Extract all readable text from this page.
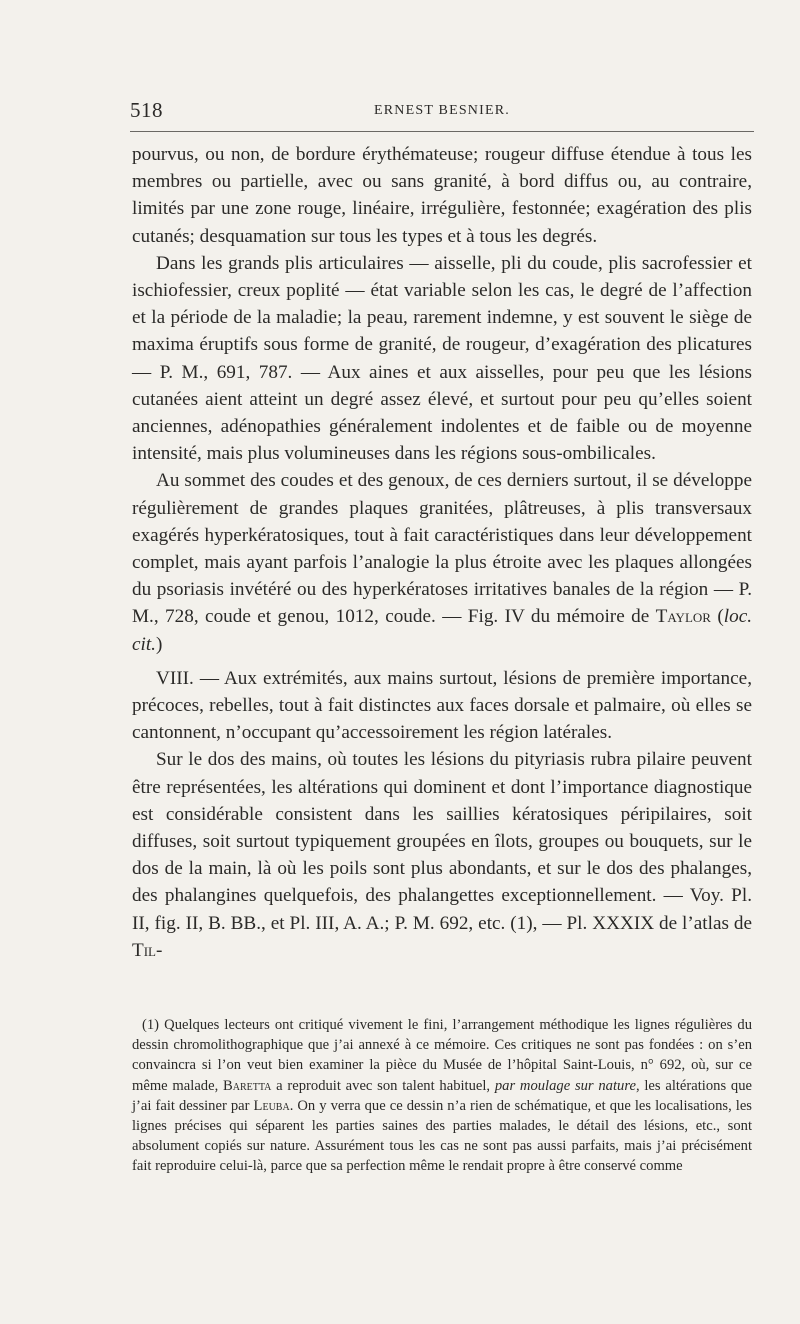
518	ERNEST BESNIER.

pourvus, ou non, de bordure érythémateuse; rougeur diffuse étendue à tous les membres ou partielle, avec ou sans granité, à bord diffus ou, au contraire, limités par une zone rouge, linéaire, irrégulière, festonnée; exagération des plis cutanés; desquamation sur tous les types et à tous les degrés.

Dans les grands plis articulaires — aisselle, pli du coude, plis sacrofessier et ischiofessier, creux poplité — état variable selon les cas, le degré de l’affection et la période de la maladie; la peau, rarement indemne, y est souvent le siège de maxima éruptifs sous forme de granité, de rougeur, d’exagération des plicatures — P. M., 691, 787. — Aux aines et aux aisselles, pour peu que les lésions cutanées aient atteint un degré assez élevé, et surtout pour peu qu’elles soient anciennes, adénopathies généralement indolentes et de faible ou de moyenne intensité, mais plus volumineuses dans les régions sous-ombilicales.

Au sommet des coudes et des genoux, de ces derniers surtout, il se développe régulièrement de grandes plaques granitées, plâtreuses, à plis transversaux exagérés hyperkératosiques, tout à fait caractéristiques dans leur développement complet, mais ayant parfois l’analogie la plus étroite avec les plaques allongées du psoriasis invétéré ou des hyperkératoses irritatives banales de la région — P. M., 728, coude et genou, 1012, coude. — Fig. IV du mémoire de Taylor (loc. cit.)

VIII. — Aux extrémités, aux mains surtout, lésions de première importance, précoces, rebelles, tout à fait distinctes aux faces dorsale et palmaire, où elles se cantonnent, n’occupant qu’accessoirement les région latérales.

Sur le dos des mains, où toutes les lésions du pityriasis rubra pilaire peuvent être représentées, les altérations qui dominent et dont l’importance diagnostique est considérable consistent dans les saillies kératosiques péripilaires, soit diffuses, soit surtout typiquement groupées en îlots, groupes ou bouquets, sur le dos de la main, là où les poils sont plus abondants, et sur le dos des phalanges, des phalangines quelquefois, des phalangettes exceptionnellement. — Voy. Pl. II, fig. II, B. BB., et Pl. III, A. A.; P. M. 692, etc. (1), — Pl. XXXIX de l’atlas de Til-

(1) Quelques lecteurs ont critiqué vivement le fini, l’arrangement méthodique les lignes régulières du dessin chromolithographique que j’ai annexé à ce mémoire. Ces critiques ne sont pas fondées : on s’en convaincra si l’on veut bien examiner la pièce du Musée de l’hôpital Saint-Louis, n° 692, où, sur ce même malade, Baretta a reproduit avec son talent habituel, par moulage sur nature, les altérations que j’ai fait dessiner par Leuba. On y verra que ce dessin n’a rien de schématique, et que les localisations, les lignes précises qui séparent les parties saines des parties malades, le détail des lésions, etc., sont absolument copiés sur nature. Assurément tous les cas ne sont pas aussi parfaits, mais j’ai précisément fait reproduire celui-là, parce que sa perfection même le rendait propre à être conservé comme
